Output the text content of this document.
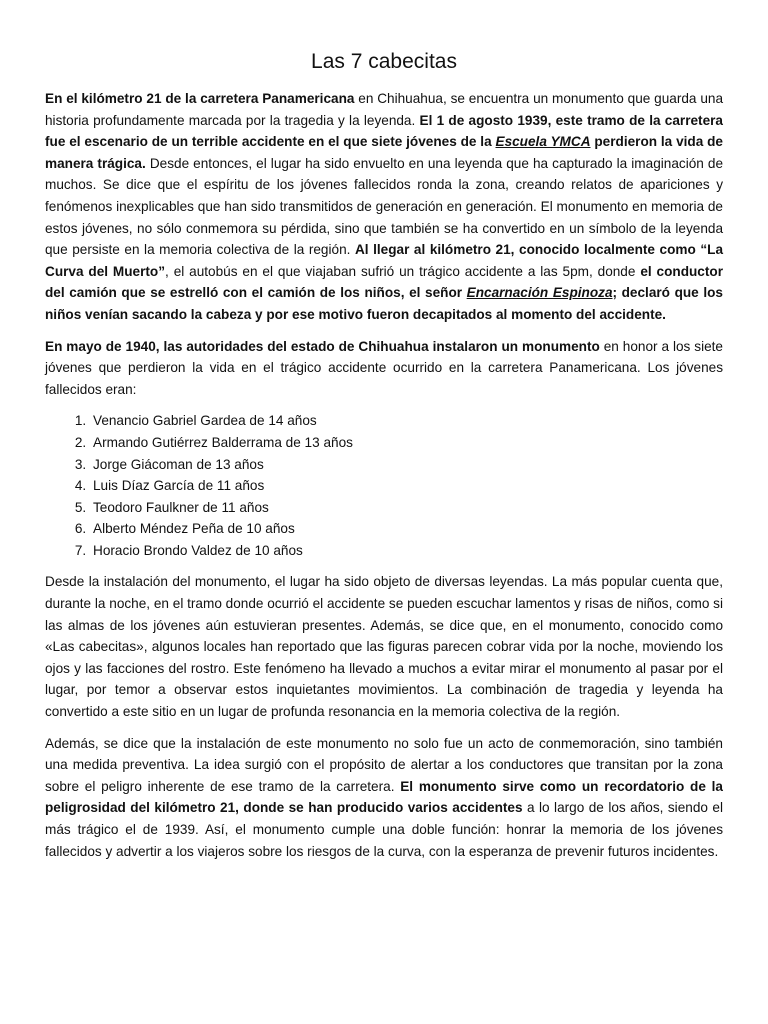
Las 7 cabecitas

En el kilómetro 21 de la carretera Panamericana en Chihuahua, se encuentra un monumento que guarda una historia profundamente marcada por la tragedia y la leyenda. El 1 de agosto 1939, este tramo de la carretera fue el escenario de un terrible accidente en el que siete jóvenes de la Escuela YMCA perdieron la vida de manera trágica. Desde entonces, el lugar ha sido envuelto en una leyenda que ha capturado la imaginación de muchos. Se dice que el espíritu de los jóvenes fallecidos ronda la zona, creando relatos de apariciones y fenómenos inexplicables que han sido transmitidos de generación en generación. El monumento en memoria de estos jóvenes, no sólo conmemora su pérdida, sino que también se ha convertido en un símbolo de la leyenda que persiste en la memoria colectiva de la región. Al llegar al kilómetro 21, conocido localmente como “La Curva del Muerto”, el autobús en el que viajaban sufrió un trágico accidente a las 5pm, donde el conductor del camión que se estrelló con el camión de los niños, el señor Encarnación Espinoza; declaró que los niños venían sacando la cabeza y por ese motivo fueron decapitados al momento del accidente.

En mayo de 1940, las autoridades del estado de Chihuahua instalaron un monumento en honor a los siete jóvenes que perdieron la vida en el trágico accidente ocurrido en la carretera Panamericana. Los jóvenes fallecidos eran:

1. Venancio Gabriel Gardea de 14 años
2. Armando Gutiérrez Balderrama de 13 años
3. Jorge Giácoman de 13 años
4. Luis Díaz García de 11 años
5. Teodoro Faulkner de 11 años
6. Alberto Méndez Peña de 10 años
7. Horacio Brondo Valdez de 10 años

Desde la instalación del monumento, el lugar ha sido objeto de diversas leyendas. La más popular cuenta que, durante la noche, en el tramo donde ocurrió el accidente se pueden escuchar lamentos y risas de niños, como si las almas de los jóvenes aún estuvieran presentes. Además, se dice que, en el monumento, conocido como «Las cabecitas», algunos locales han reportado que las figuras parecen cobrar vida por la noche, moviendo los ojos y las facciones del rostro. Este fenómeno ha llevado a muchos a evitar mirar el monumento al pasar por el lugar, por temor a observar estos inquietantes movimientos. La combinación de tragedia y leyenda ha convertido a este sitio en un lugar de profunda resonancia en la memoria colectiva de la región.

Además, se dice que la instalación de este monumento no solo fue un acto de conmemoración, sino también una medida preventiva. La idea surgió con el propósito de alertar a los conductores que transitan por la zona sobre el peligro inherente de ese tramo de la carretera. El monumento sirve como un recordatorio de la peligrosidad del kilómetro 21, donde se han producido varios accidentes a lo largo de los años, siendo el más trágico el de 1939. Así, el monumento cumple una doble función: honrar la memoria de los jóvenes fallecidos y advertir a los viajeros sobre los riesgos de la curva, con la esperanza de prevenir futuros incidentes.
